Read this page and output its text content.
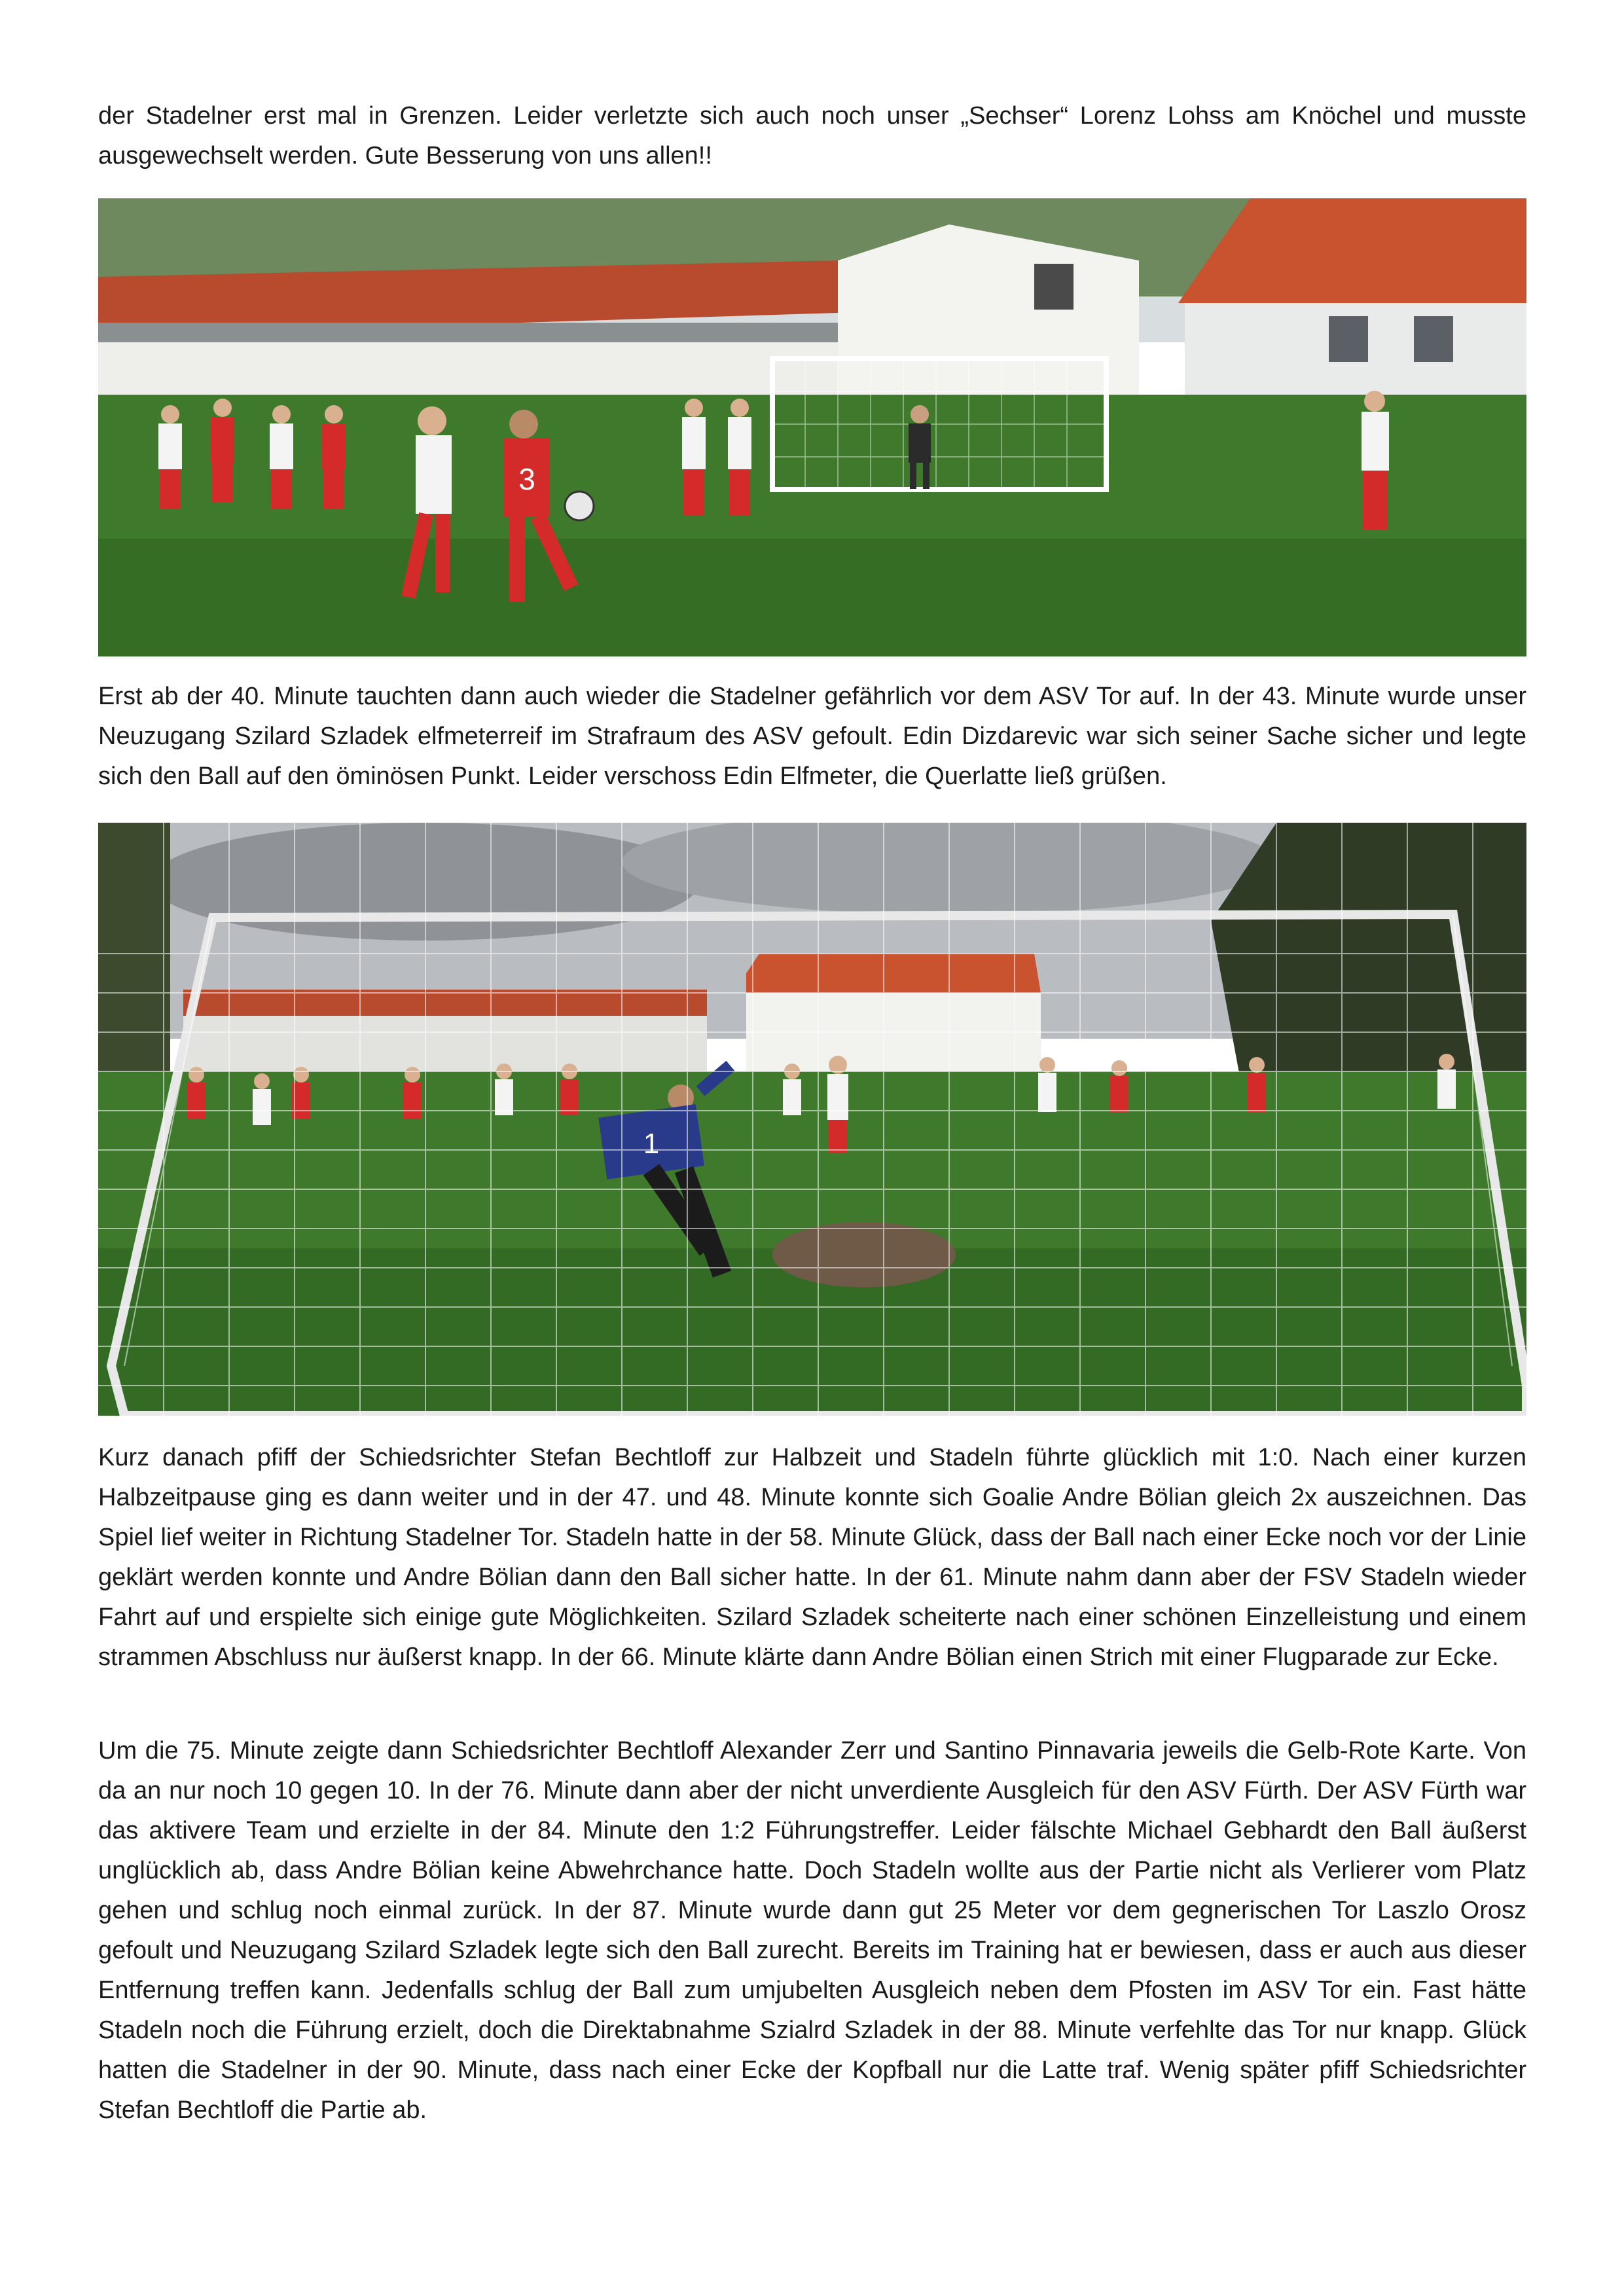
der Stadelner erst mal in Grenzen. Leider verletzte sich auch noch unser „Sechser“ Lorenz Lohss am Knöchel und musste ausgewechselt werden. Gute Besserung von uns allen!!

3

Erst ab der 40. Minute tauchten dann auch wieder die Stadelner gefährlich vor dem ASV Tor auf. In der 43. Minute wurde unser Neuzugang Szilard Szladek elfmeterreif im Strafraum des ASV gefoult. Edin Dizdarevic war sich seiner Sache sicher und legte sich den Ball auf den öminösen Punkt. Leider verschoss Edin Elfmeter, die Querlatte ließ grüßen.

1

Kurz danach pfiff der Schiedsrichter Stefan Bechtloff zur Halbzeit und Stadeln führte glücklich mit 1:0. Nach einer kurzen Halbzeitpause ging es dann weiter und in der 47. und 48. Minute konnte sich Goalie Andre Bölian gleich 2x auszeichnen. Das Spiel lief weiter in Richtung Stadelner Tor. Stadeln hatte in der 58. Minute Glück, dass der Ball nach einer Ecke noch vor der Linie geklärt werden konnte und Andre Bölian dann den Ball sicher hatte. In der 61. Minute nahm dann aber der FSV Stadeln wieder Fahrt auf und erspielte sich einige gute Möglichkeiten. Szilard Szladek scheiterte nach einer schönen Einzelleistung und einem strammen Abschluss nur äußerst knapp. In der 66. Minute klärte dann Andre Bölian einen Strich mit einer Flugparade zur Ecke.

Um die 75. Minute zeigte dann Schiedsrichter Bechtloff Alexander Zerr und Santino Pinnavaria jeweils die Gelb-Rote Karte. Von da an nur noch 10 gegen 10. In der 76. Minute dann aber der nicht unverdiente Ausgleich für den ASV Fürth. Der ASV Fürth war das aktivere Team und erzielte in der 84. Minute den 1:2 Führungstreffer. Leider fälschte Michael Gebhardt den Ball äußerst unglücklich ab, dass Andre Bölian keine Abwehrchance hatte. Doch Stadeln wollte aus der Partie nicht als Verlierer vom Platz gehen und schlug noch einmal zurück. In der 87. Minute wurde dann gut 25 Meter vor dem gegnerischen Tor Laszlo Orosz gefoult und Neuzugang Szilard Szladek legte sich den Ball zurecht. Bereits im Training hat er bewiesen, dass er auch aus dieser Entfernung treffen kann. Jedenfalls schlug der Ball zum umjubelten Ausgleich neben dem Pfosten im ASV Tor ein. Fast hätte Stadeln noch die Führung erzielt, doch die Direktabnahme Szialrd Szladek in der 88. Minute verfehlte das Tor nur knapp. Glück hatten die Stadelner in der 90. Minute, dass nach einer Ecke der Kopfball nur die Latte traf. Wenig später pfiff Schiedsrichter Stefan Bechtloff die Partie ab.
